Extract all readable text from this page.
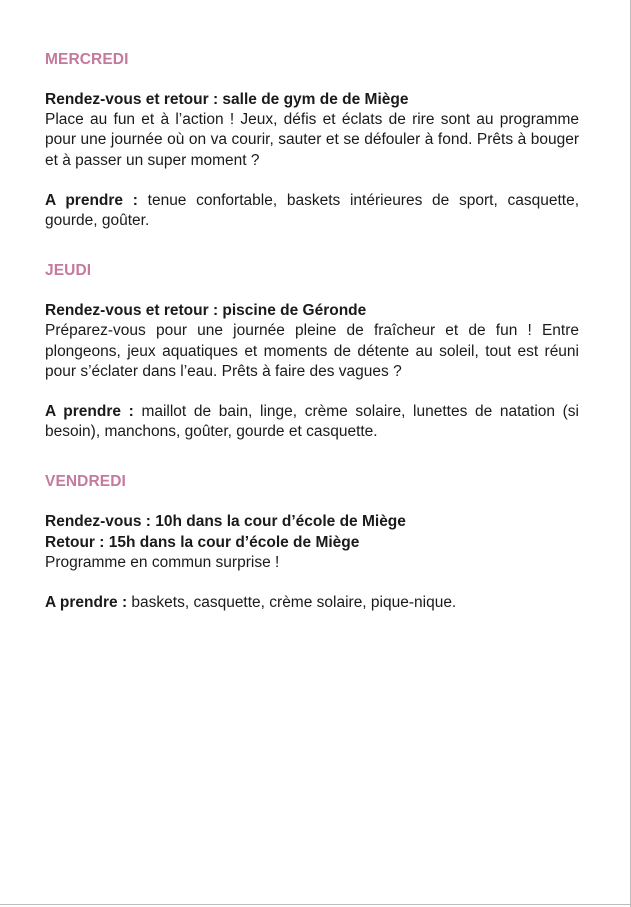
MERCREDI

Rendez-vous et retour : salle de gym de de Miège

Place au fun et à l’action ! Jeux, défis et éclats de rire sont au programme pour une journée où on va courir, sauter et se défouler à fond. Prêts à bouger et à passer un super moment ?

A prendre : tenue confortable, baskets intérieures de sport, casquette, gourde, goûter.

JEUDI

Rendez-vous et retour : piscine de Géronde

Préparez-vous pour une journée pleine de fraîcheur et de fun ! Entre plongeons, jeux aquatiques et moments de détente au soleil, tout est réuni pour s’éclater dans l’eau. Prêts à faire des vagues ?

A prendre : maillot de bain, linge, crème solaire, lunettes de natation (si besoin), manchons, goûter, gourde et casquette.

VENDREDI

Rendez-vous : 10h dans la cour d’école de Miège

Retour : 15h dans la cour d’école de Miège

Programme en commun surprise !

A prendre : baskets, casquette, crème solaire, pique-nique.
